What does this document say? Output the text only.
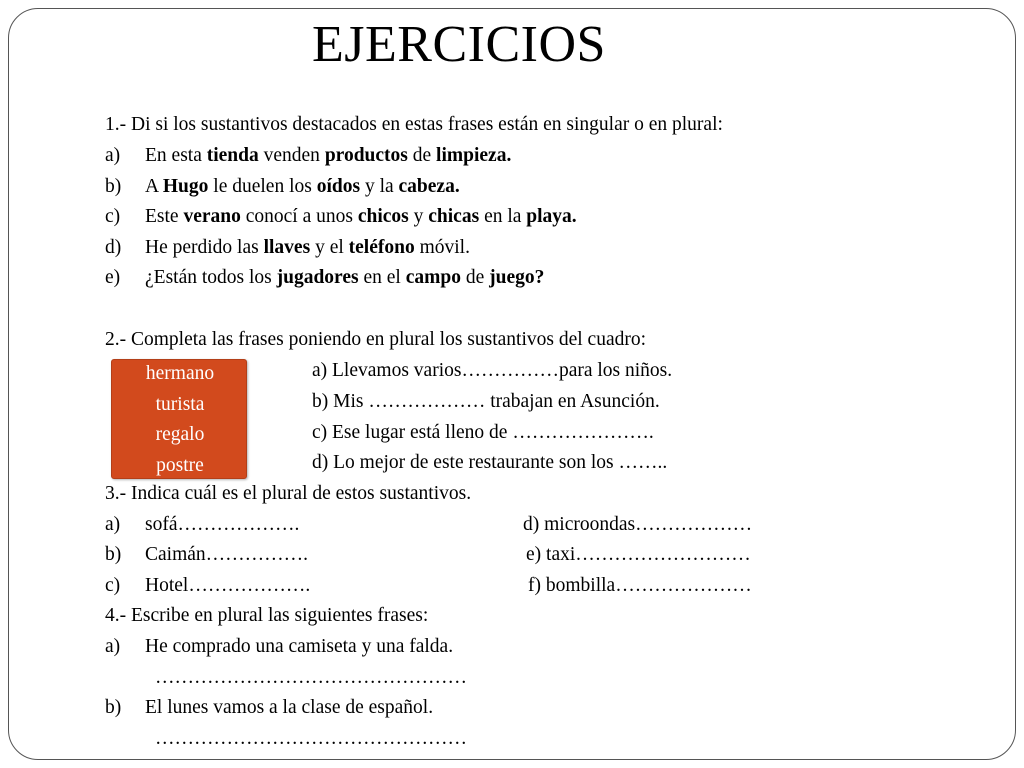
EJERCICIOS
1.- Di si los sustantivos destacados en estas frases están en singular o en plural:
a) En esta tienda venden productos de limpieza.
b) A Hugo le duelen los oídos y la cabeza.
c) Este verano conocí a unos chicos y chicas en la playa.
d) He perdido las llaves y el teléfono móvil.
e) ¿Están todos los jugadores en el campo de juego?
2.- Completa las frases poniendo en plural los sustantivos del cuadro:
hermano
turista
regalo
postre
a) Llevamos varios……………para los niños.
b) Mis ……………… trabajan en Asunción.
c) Ese lugar está lleno de ………………….
d) Lo mejor de este restaurante son los ……..
3.- Indica cuál es el plural de estos sustantivos.
a) sofá……………….	d) microondas………………
b) Caimán…………….	e) taxi………………………
c) Hotel……………….	f) bombilla…………………
4.- Escribe en plural las siguientes frases:
a) He comprado una camiseta y una falda.
…………………………………………
b) El lunes vamos a la clase de español.
…………………………………………
